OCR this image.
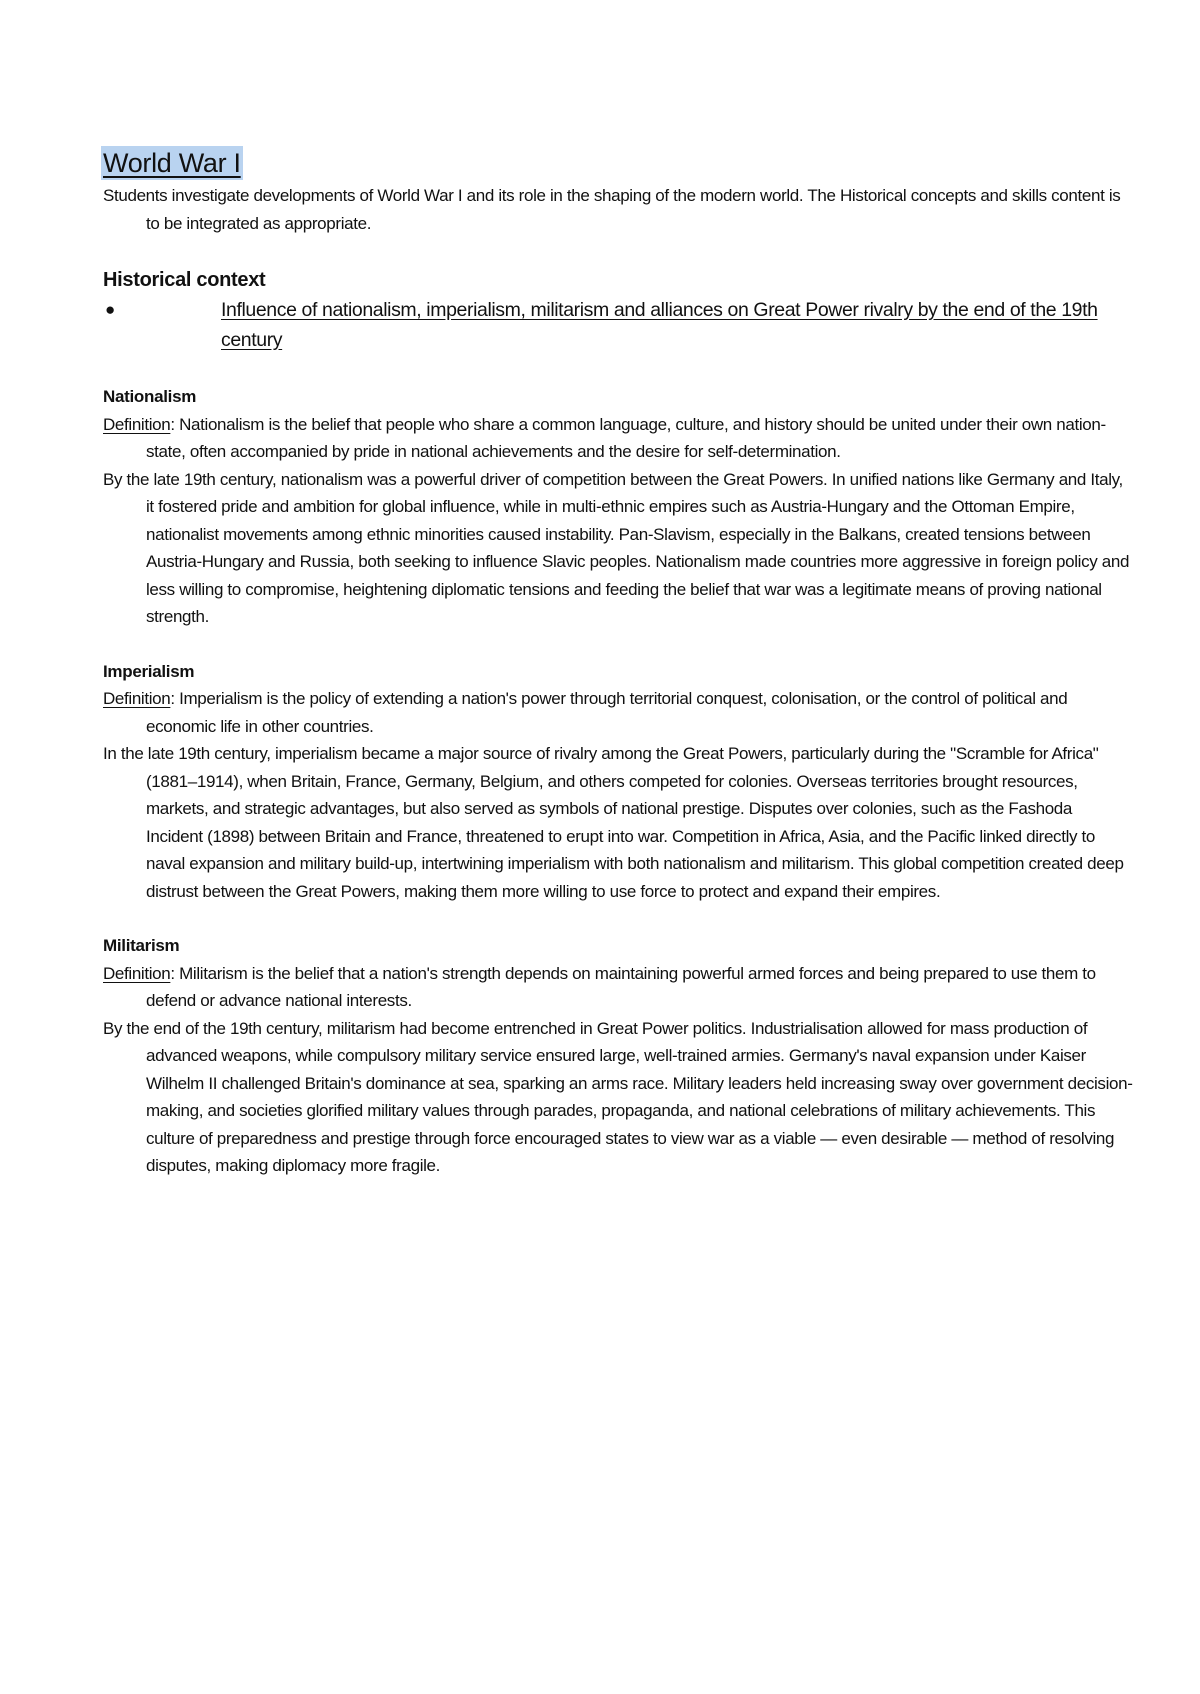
World War I

Students investigate developments of World War I and its role in the shaping of the modern world. The Historical concepts and skills content is to be integrated as appropriate.

Historical context
●	Influence of nationalism, imperialism, militarism and alliances on Great Power rivalry by the end of the 19th century
Nationalism

Definition: Nationalism is the belief that people who share a common language, culture, and history should be united under their own nation-state, often accompanied by pride in national achievements and the desire for self-determination.

By the late 19th century, nationalism was a powerful driver of competition between the Great Powers. In unified nations like Germany and Italy, it fostered pride and ambition for global influence, while in multi-ethnic empires such as Austria-Hungary and the Ottoman Empire, nationalist movements among ethnic minorities caused instability. Pan-Slavism, especially in the Balkans, created tensions between Austria-Hungary and Russia, both seeking to influence Slavic peoples. Nationalism made countries more aggressive in foreign policy and less willing to compromise, heightening diplomatic tensions and feeding the belief that war was a legitimate means of proving national strength.

Imperialism

Definition: Imperialism is the policy of extending a nation's power through territorial conquest, colonisation, or the control of political and economic life in other countries.

In the late 19th century, imperialism became a major source of rivalry among the Great Powers, particularly during the "Scramble for Africa" (1881–1914), when Britain, France, Germany, Belgium, and others competed for colonies. Overseas territories brought resources, markets, and strategic advantages, but also served as symbols of national prestige. Disputes over colonies, such as the Fashoda Incident (1898) between Britain and France, threatened to erupt into war. Competition in Africa, Asia, and the Pacific linked directly to naval expansion and military build-up, intertwining imperialism with both nationalism and militarism. This global competition created deep distrust between the Great Powers, making them more willing to use force to protect and expand their empires.

Militarism

Definition: Militarism is the belief that a nation's strength depends on maintaining powerful armed forces and being prepared to use them to defend or advance national interests.

By the end of the 19th century, militarism had become entrenched in Great Power politics. Industrialisation allowed for mass production of advanced weapons, while compulsory military service ensured large, well-trained armies. Germany's naval expansion under Kaiser Wilhelm II challenged Britain's dominance at sea, sparking an arms race. Military leaders held increasing sway over government decision-making, and societies glorified military values through parades, propaganda, and national celebrations of military achievements. This culture of preparedness and prestige through force encouraged states to view war as a viable — even desirable — method of resolving disputes, making diplomacy more fragile.
